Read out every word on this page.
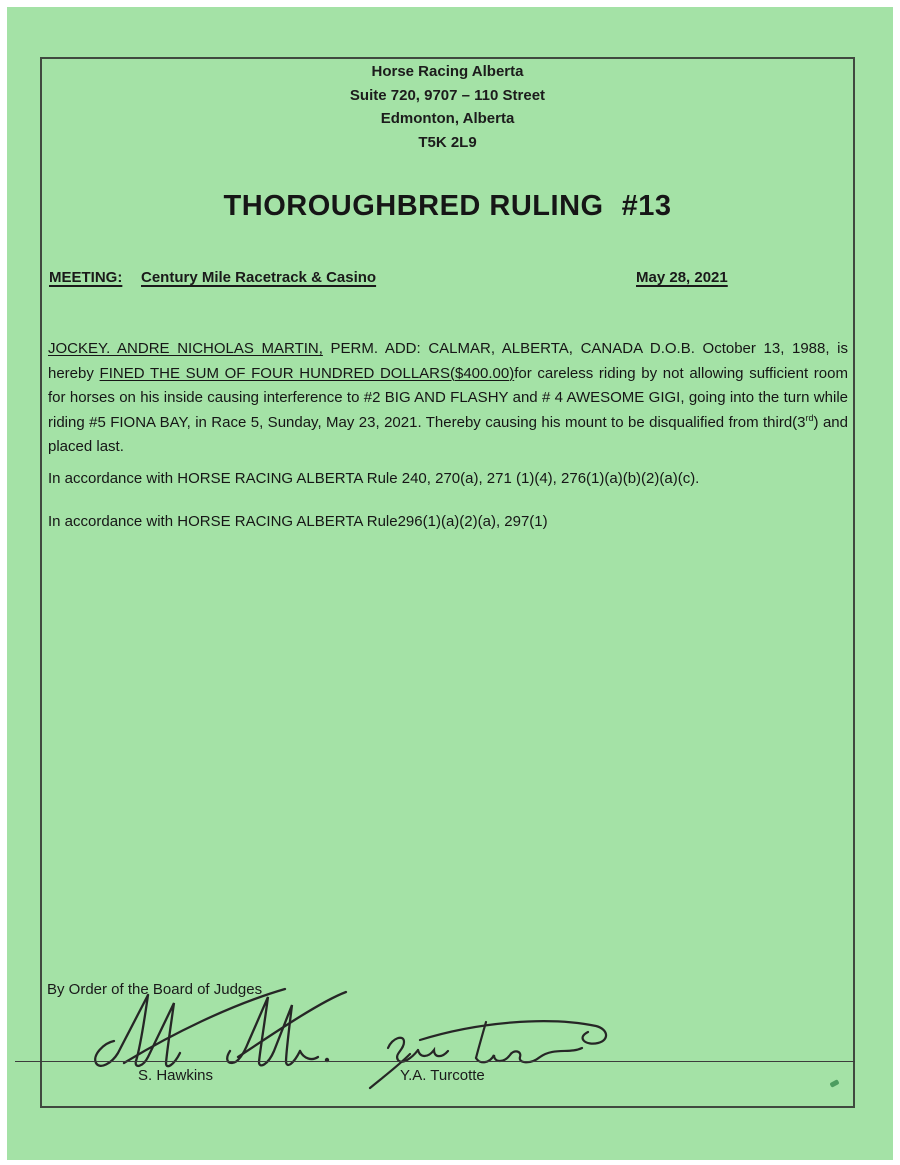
Horse Racing Alberta
Suite 720, 9707 – 110 Street
Edmonton, Alberta
T5K 2L9
THOROUGHBRED RULING #13
MEETING: Century Mile Racetrack & Casino	May 28, 2021

JOCKEY. ANDRE NICHOLAS MARTIN, PERM. ADD: CALMAR, ALBERTA, CANADA D.O.B. October 13, 1988, is hereby FINED THE SUM OF FOUR HUNDRED DOLLARS($400.00)for careless riding by not allowing sufficient room for horses on his inside causing interference to #2 BIG AND FLASHY and # 4 AWESOME GIGI, going into the turn while riding #5 FIONA BAY, in Race 5, Sunday, May 23, 2021. Thereby causing his mount to be disqualified from third(3rd) and placed last.

In accordance with HORSE RACING ALBERTA Rule 240, 270(a), 271 (1)(4), 276(1)(a)(b)(2)(a)(c).
In accordance with HORSE RACING ALBERTA Rule296(1)(a)(2)(a), 297(1)
By Order of the Board of Judges
S. Hawkins	Y.A. Turcotte
